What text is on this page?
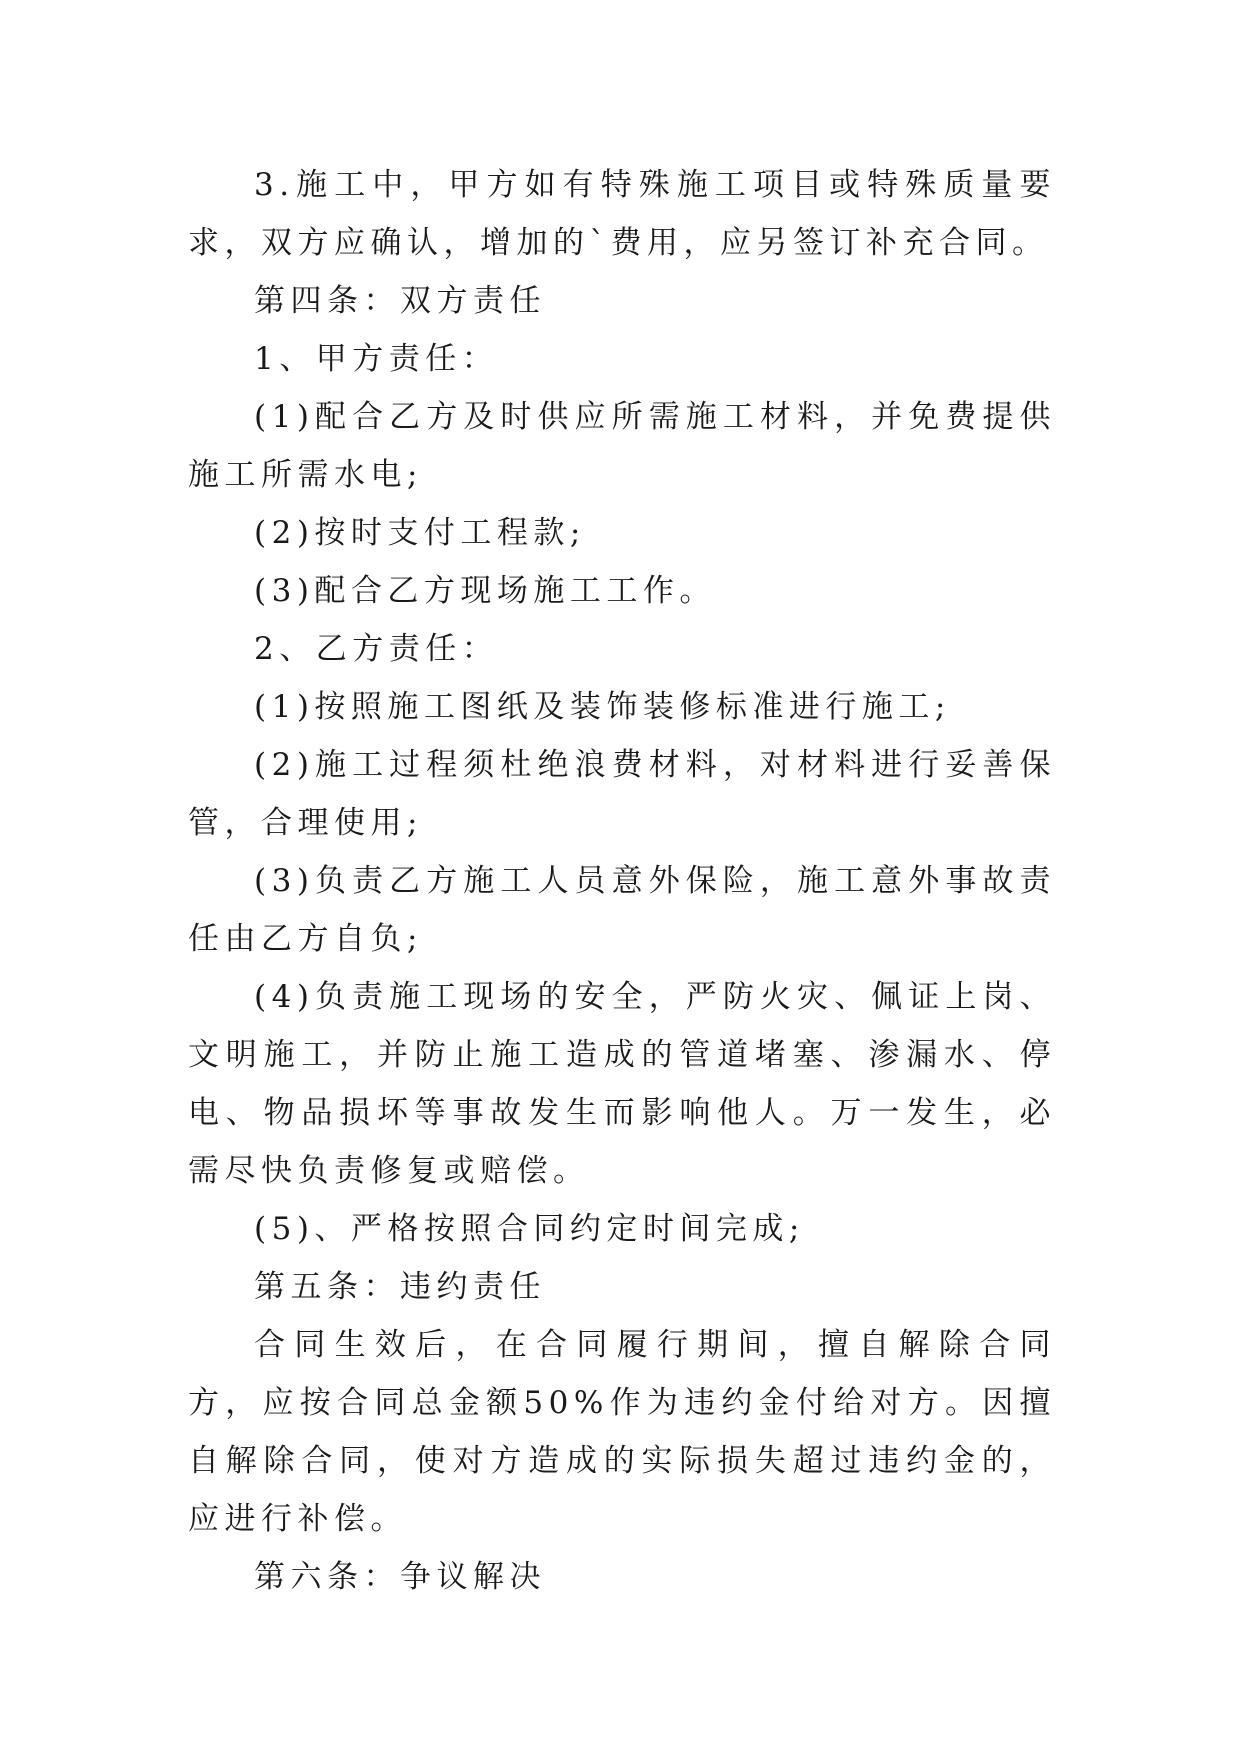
3.施工中，甲方如有特殊施工项目或特殊质量要求，双方应确认，增加的`费用，应另签订补充合同。

第四条：双方责任

1、甲方责任：

(1)配合乙方及时供应所需施工材料，并免费提供施工所需水电;

(2)按时支付工程款;

(3)配合乙方现场施工工作。

2、乙方责任：

(1)按照施工图纸及装饰装修标准进行施工;

(2)施工过程须杜绝浪费材料，对材料进行妥善保管，合理使用;

(3)负责乙方施工人员意外保险，施工意外事故责任由乙方自负;

(4)负责施工现场的安全，严防火灾、佩证上岗、文明施工，并防止施工造成的管道堵塞、渗漏水、停电、物品损坏等事故发生而影响他人。万一发生，必需尽快负责修复或赔偿。

(5)、严格按照合同约定时间完成;

第五条：违约责任

合同生效后，在合同履行期间，擅自解除合同方，应按合同总金额50%作为违约金付给对方。因擅自解除合同，使对方造成的实际损失超过违约金的，应进行补偿。

第六条：争议解决
